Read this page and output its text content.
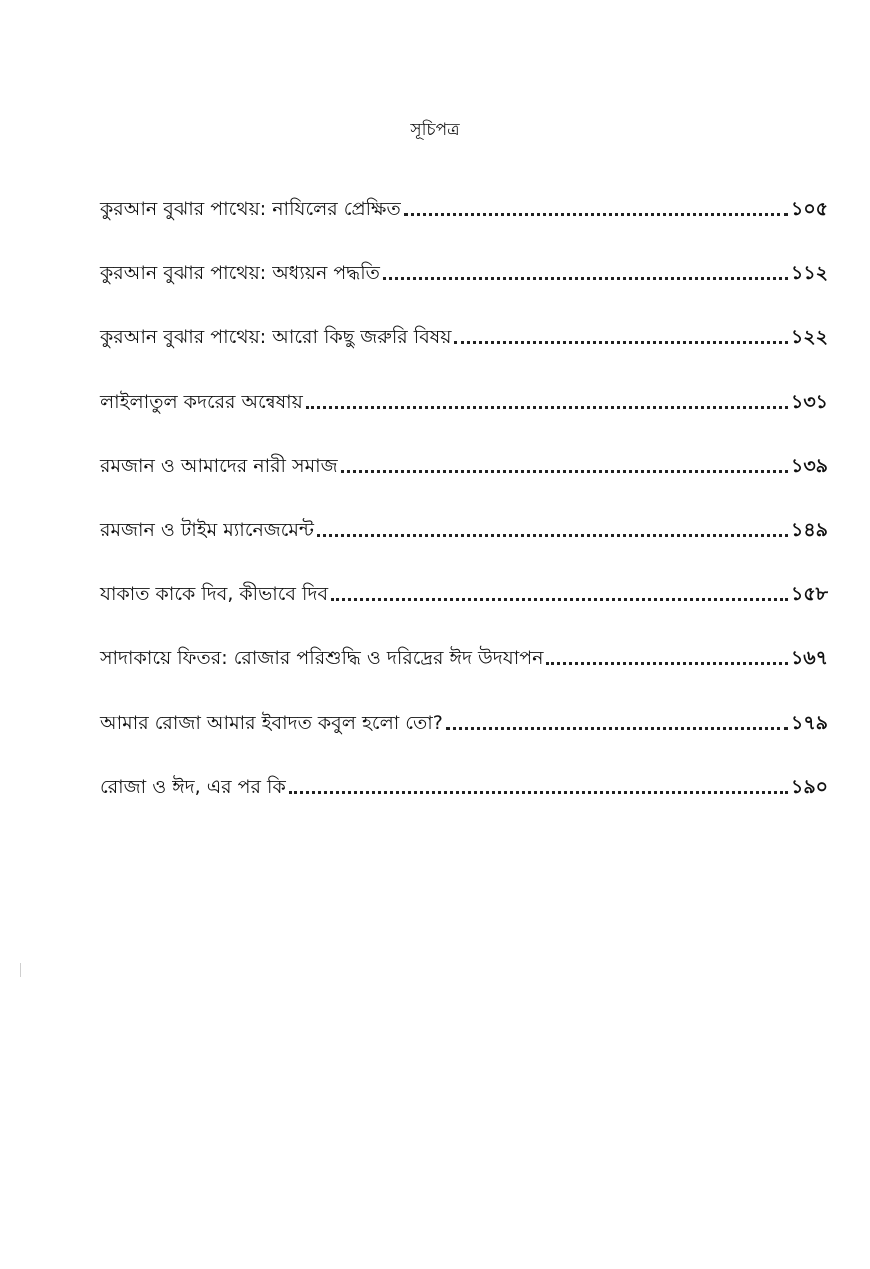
সূচিপত্র
কুরআন বুঝার পাথেয়: নাযিলের প্রেক্ষিত	১০৫
কুরআন বুঝার পাথেয়: অধ্যয়ন পদ্ধতি	১১২
কুরআন বুঝার পাথেয়: আরো কিছু জরুরি বিষয়	১২২
লাইলাতুল কদরের অন্বেষায়	১৩১
রমজান ও আমাদের নারী সমাজ	১৩৯
রমজান ও টাইম ম্যানেজমেন্ট	১৪৯
যাকাত কাকে দিব, কীভাবে দিব	১৫৮
সাদাকায়ে ফিতর: রোজার পরিশুদ্ধি ও দরিদ্রের ঈদ উদযাপন	১৬৭
আমার রোজা আমার ইবাদত কবুল হলো তো?	১৭৯
রোজা ও ঈদ, এর পর কি	১৯০
